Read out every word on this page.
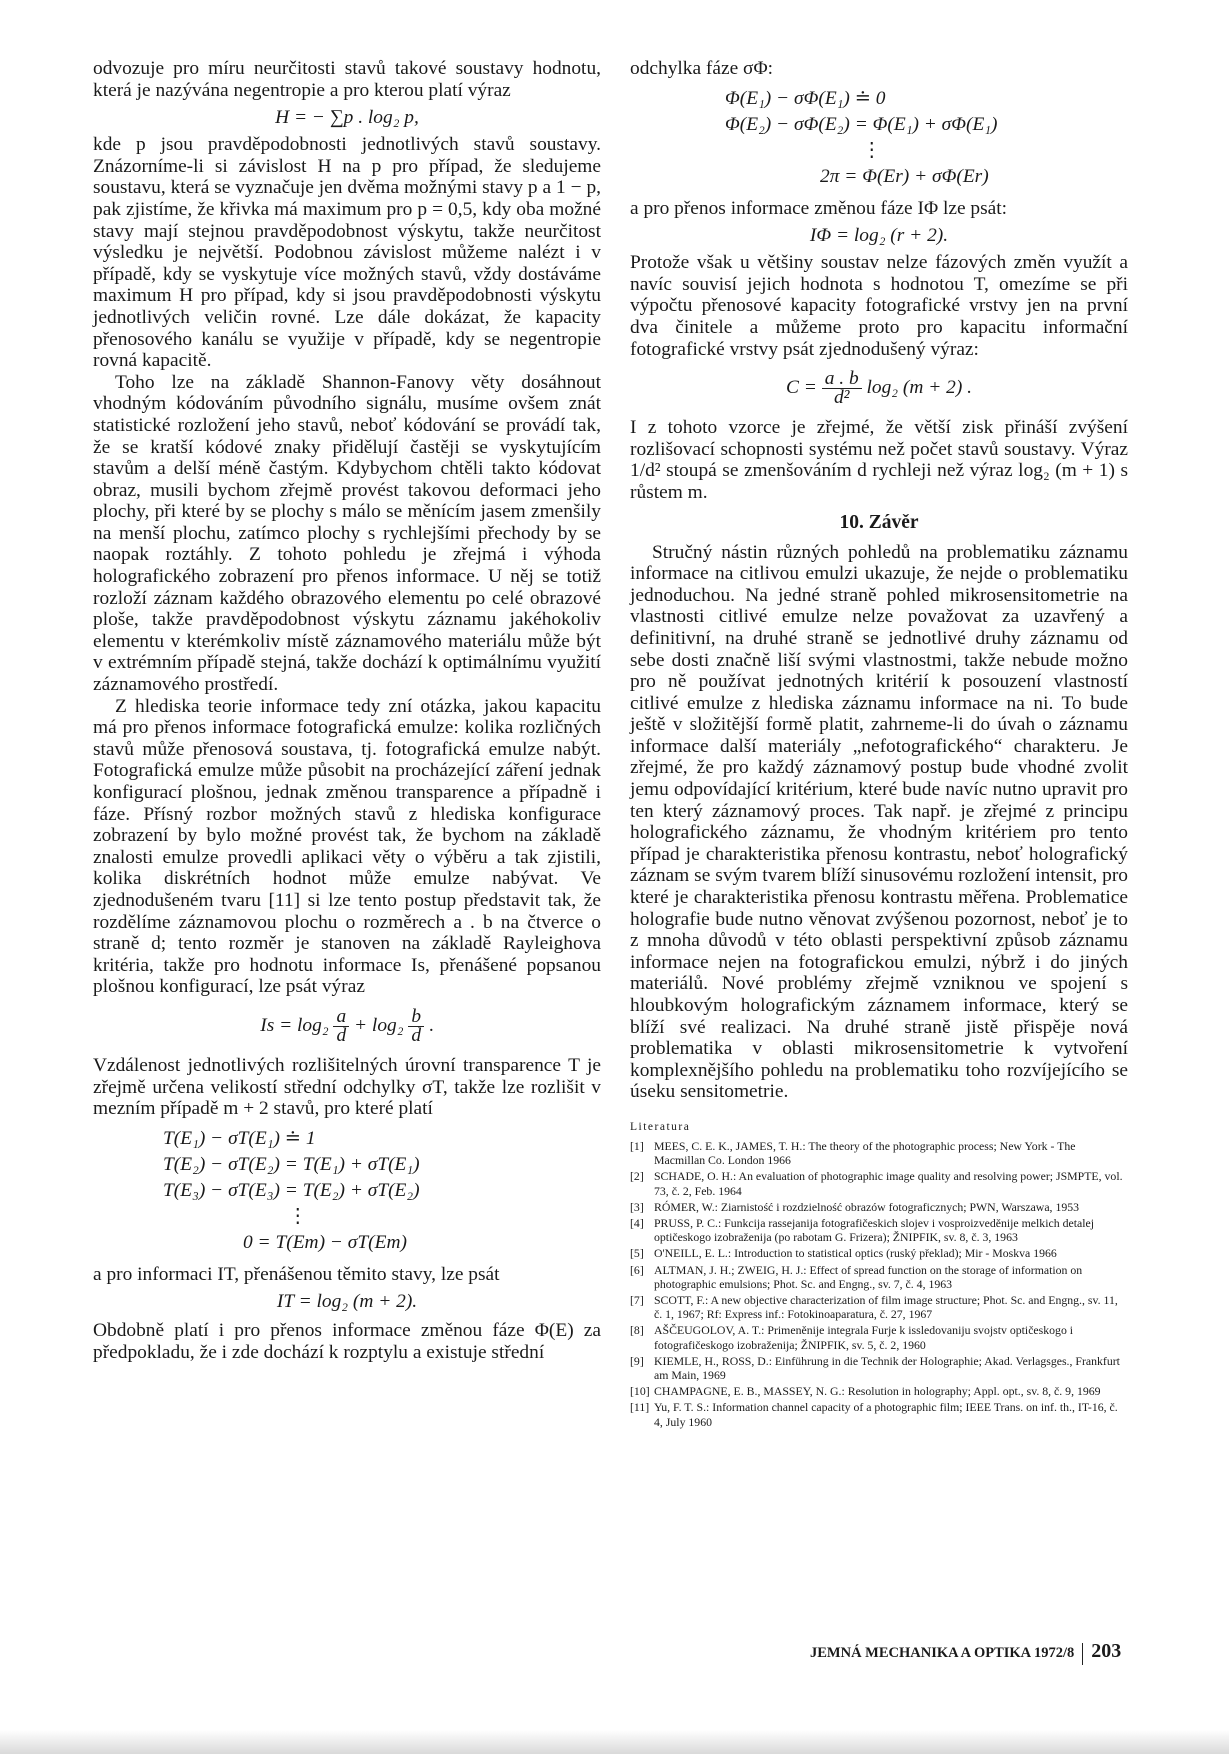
odvozuje pro míru neurčitosti stavů takové soustavy hodnotu, která je nazývána negentropie a pro kterou platí výraz

H = − ∑p . log₂ p,

kde p jsou pravděpodobnosti jednotlivých stavů soustavy. Znázorníme-li si závislost H na p pro případ, že sledujeme soustavu, která se vyznačuje jen dvěma možnými stavy p a 1 − p, pak zjistíme, že křivka má maximum pro p = 0,5, kdy oba možné stavy mají stejnou pravděpodobnost výskytu, takže neurčitost výsledku je největší. Podobnou závislost můžeme nalézt i v případě, kdy se vyskytuje více možných stavů, vždy dostáváme maximum H pro případ, kdy si jsou pravděpodobnosti výskytu jednotlivých veličin rovné. Lze dále dokázat, že kapacity přenosového kanálu se využije v případě, kdy se negentropie rovná kapacitě.

Toho lze na základě Shannon-Fanovy věty dosáhnout vhodným kódováním původního signálu, musíme ovšem znát statistické rozložení jeho stavů, neboť kódování se provádí tak, že se kratší kódové znaky přidělují častěji se vyskytujícím stavům a delší méně častým. Kdybychom chtěli takto kódovat obraz, musili bychom zřejmě provést takovou deformaci jeho plochy, při které by se plochy s málo se měnícím jasem zmenšily na menší plochu, zatímco plochy s rychlejšími přechody by se naopak roztáhly. Z tohoto pohledu je zřejmá i výhoda holografického zobrazení pro přenos informace. U něj se totiž rozloží záznam každého obrazového elementu po celé obrazové ploše, takže pravděpodobnost výskytu záznamu jakéhokoliv elementu v kterémkoliv místě záznamového materiálu může být v extrémním případě stejná, takže dochází k optimálnímu využití záznamového prostředí.

Z hlediska teorie informace tedy zní otázka, jakou kapacitu má pro přenos informace fotografická emulze: kolika rozličných stavů může přenosová soustava, tj. fotografická emulze nabýt. Fotografická emulze může působit na procházející záření jednak konfigurací plošnou, jednak změnou transparence a případně i fáze. Přísný rozbor možných stavů z hlediska konfigurace zobrazení by bylo možné provést tak, že bychom na základě znalosti emulze provedli aplikaci věty o výběru a tak zjistili, kolika diskrétních hodnot může emulze nabývat. Ve zjednodušeném tvaru [11] si lze tento postup představit tak, že rozdělíme záznamovou plochu o rozměrech a . b na čtverce o straně d; tento rozměr je stanoven na základě Rayleighova kritéria, takže pro hodnotu informace Is, přenášené popsanou plošnou konfigurací, lze psát výraz

$Is = \log_2 \frac{a}{d} + \log_2 \frac{b}{d}$ .

Vzdálenost jednotlivých rozlišitelných úrovní transparence T je zřejmě určena velikostí střední odchylky σT, takže lze rozlišit v mezním případě m + 2 stavů, pro které platí

T(E₁) − σT(E₁) ≐ 1
T(E₂) − σT(E₂) = T(E₁) + σT(E₁)
T(E₃) − σT(E₃) = T(E₂) + σT(E₂)
⋮
0 = T(Em) − σT(Em)

a pro informaci IT, přenášenou těmito stavy, lze psát

IT = log₂ (m + 2).

Obdobně platí i pro přenos informace změnou fáze Φ(E) za předpokladu, že i zde dochází k rozptylu a existuje střední

odchylka fáze σΦ:

Φ(E₁) − σΦ(E₁) ≐ 0
Φ(E₂) − σΦ(E₂) = Φ(E₁) + σΦ(E₁)
⋮
2π = Φ(Er) + σΦ(Er)

a pro přenos informace změnou fáze IΦ lze psát:

IΦ = log₂ (r + 2).

Protože však u většiny soustav nelze fázových změn využít a navíc souvisí jejich hodnota s hodnotou T, omezíme se při výpočtu přenosové kapacity fotografické vrstvy jen na první dva činitele a můžeme proto pro kapacitu informační fotografické vrstvy psát zjednodušený výraz:

$C = \frac{a . b}{\text{d²}} \log_2$ (m + 2) .

I z tohoto vzorce je zřejmé, že větší zisk přináší zvýšení rozlišovací schopnosti systému než počet stavů soustavy. Výraz 1/d² stoupá se zmenšováním d rychleji než výraz log₂ (m + 1) s růstem m.

10. Závěr

Stručný nástin různých pohledů na problematiku záznamu informace na citlivou emulzi ukazuje, že nejde o problematiku jednoduchou. Na jedné straně pohled mikrosensitometrie na vlastnosti citlivé emulze nelze považovat za uzavřený a definitivní, na druhé straně se jednotlivé druhy záznamu od sebe dosti značně liší svými vlastnostmi, takže nebude možno pro ně používat jednotných kritérií k posouzení vlastností citlivé emulze z hlediska záznamu informace na ni. To bude ještě v složitější formě platit, zahrneme-li do úvah o záznamu informace další materiály „nefotografického“ charakteru. Je zřejmé, že pro každý záznamový postup bude vhodné zvolit jemu odpovídající kritérium, které bude navíc nutno upravit pro ten který záznamový proces. Tak např. je zřejmé z principu holografického záznamu, že vhodným kritériem pro tento případ je charakteristika přenosu kontrastu, neboť holografický záznam se svým tvarem blíží sinusovému rozložení intensit, pro které je charakteristika přenosu kontrastu měřena. Problematice holografie bude nutno věnovat zvýšenou pozornost, neboť je to z mnoha důvodů v této oblasti perspektivní způsob záznamu informace nejen na fotografickou emulzi, nýbrž i do jiných materiálů. Nové problémy zřejmě vzniknou ve spojení s hloubkovým holografickým záznamem informace, který se blíží své realizaci. Na druhé straně jistě přispěje nová problematika v oblasti mikrosensitometrie k vytvoření komplexnějšího pohledu na problematiku toho rozvíjejícího se úseku sensitometrie.

Literatura
[1] MEES, C. E. K., JAMES, T. H.: The theory of the photographic process; New York - The Macmillan Co. London 1966
[2] SCHADE, O. H.: An evaluation of photographic image quality and resolving power; JSMPTE, vol. 73, č. 2, Feb. 1964
[3] RÓMER, W.: Ziarnistość i rozdzielność obrazów fotograficznych; PWN, Warszawa, 1953
[4] PRUSS, P. C.: Funkcija rassejanija fotografičeskich slojev i vosproizveděnije melkich detalej optičeskogo izobraženija (po rabotam G. Frizera); ŽNIPFIK, sv. 8, č. 3, 1963
[5] O'NEILL, E. L.: Introduction to statistical optics (ruský překlad); Mir - Moskva 1966
[6] ALTMAN, J. H.; ZWEIG, H. J.: Effect of spread function on the storage of information on photographic emulsions; Phot. Sc. and Engng., sv. 7, č. 4, 1963
[7] SCOTT, F.: A new objective characterization of film image structure; Phot. Sc. and Engng., sv. 11, č. 1, 1967; Rf: Express inf.: Fotokinoaparatura, č. 27, 1967
[8] AŠČEUGOLOV, A. T.: Primeněnije integrala Furje k issledovaniju svojstv optičeskogo i fotografičeskogo izobraženija; ŽNIPFIK, sv. 5, č. 2, 1960
[9] KIEMLE, H., ROSS, D.: Einführung in die Technik der Holographie; Akad. Verlagsges., Frankfurt am Main, 1969
[10] CHAMPAGNE, E. B., MASSEY, N. G.: Resolution in holography; Appl. opt., sv. 8, č. 9, 1969
[11] Yu, F. T. S.: Information channel capacity of a photographic film; IEEE Trans. on inf. th., IT-16, č. 4, July 1960
JEMNÁ MECHANIKA A OPTIKA 1972/8 203
